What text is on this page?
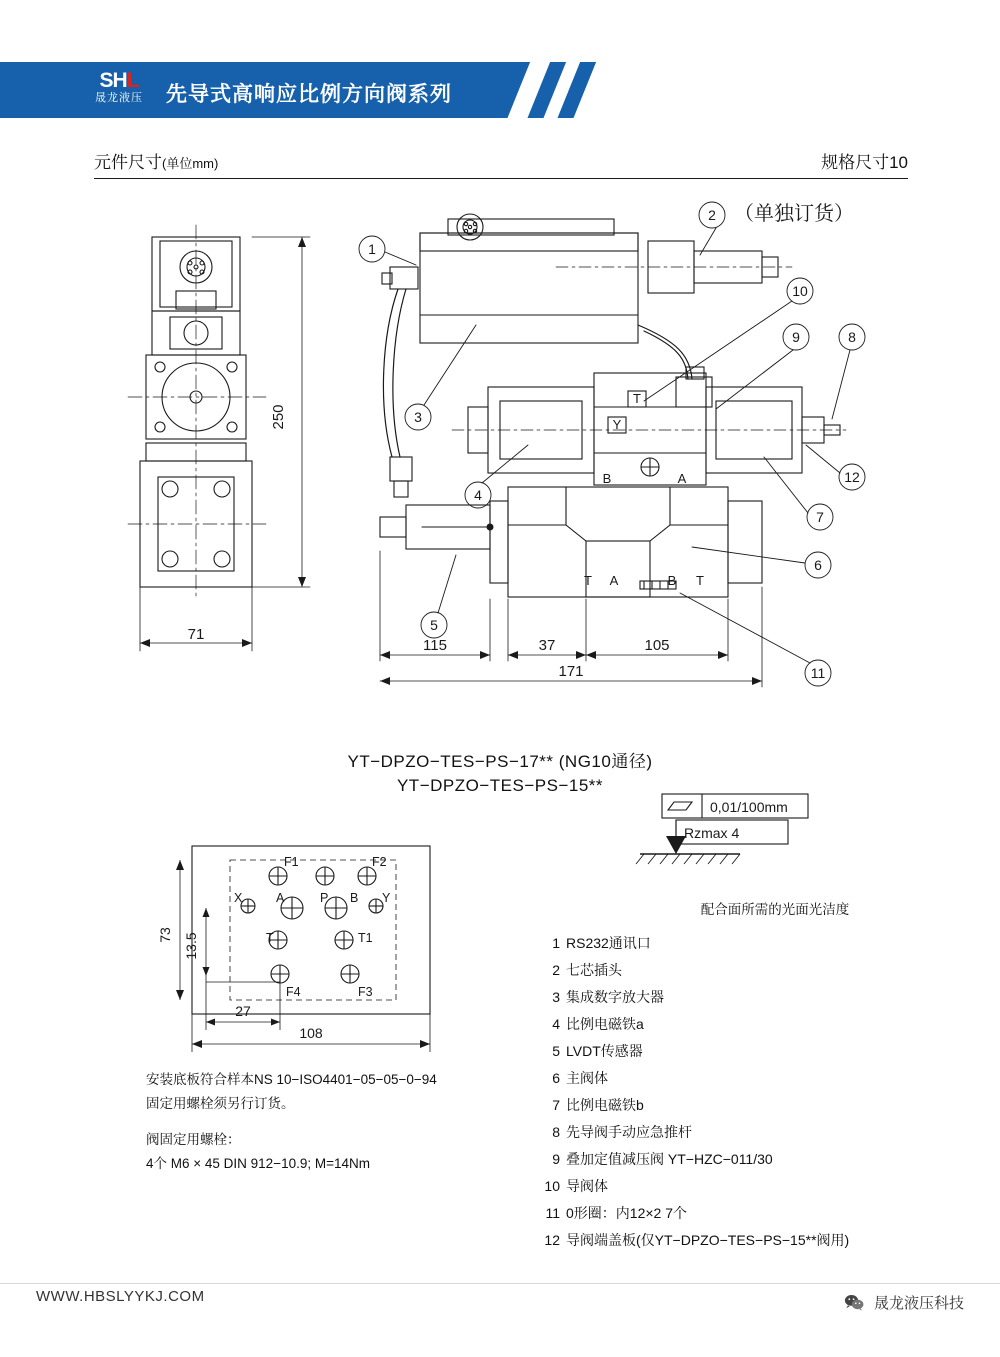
SHL
晟龙液压	先导式高响应比例方向阀系列
元件尺寸(单位mm)	规格尺寸10
1
2
3
4
5
6
7
8
9
10
11
12
250
71
115	37	105
171
T
Y
B	A
T A	B T
（单独订货）
YT−DPZO−TES−PS−17** (NG10通径)
YT−DPZO−TES−PS−15**
F1	F2
X	Y
A	P B
T	T1
F4	F3
73 13.5
27
108
安装底板符合样本NS 10−ISO4401−05−05−0−94
固定用螺栓须另行订货。
阀固定用螺栓：
4个 M6 × 45 DIN 912−10.9; M=14Nm
0,01/100mm
Rzmax 4
配合面所需的光面光洁度
1 RS232通讯口
2 七芯插头
3 集成数字放大器
4 比例电磁铁a
5 LVDT传感器
6 主阀体
7 比例电磁铁b
8 先导阀手动应急推杆
9 叠加定值减压阀 YT−HZC−011/30
10 导阀体
11 0形圈：内12×2 7个
12 导阀端盖板(仅YT−DPZO−TES−PS−15**阀用)
WWW.HBSLYYKJ.COM	晟龙液压科技
